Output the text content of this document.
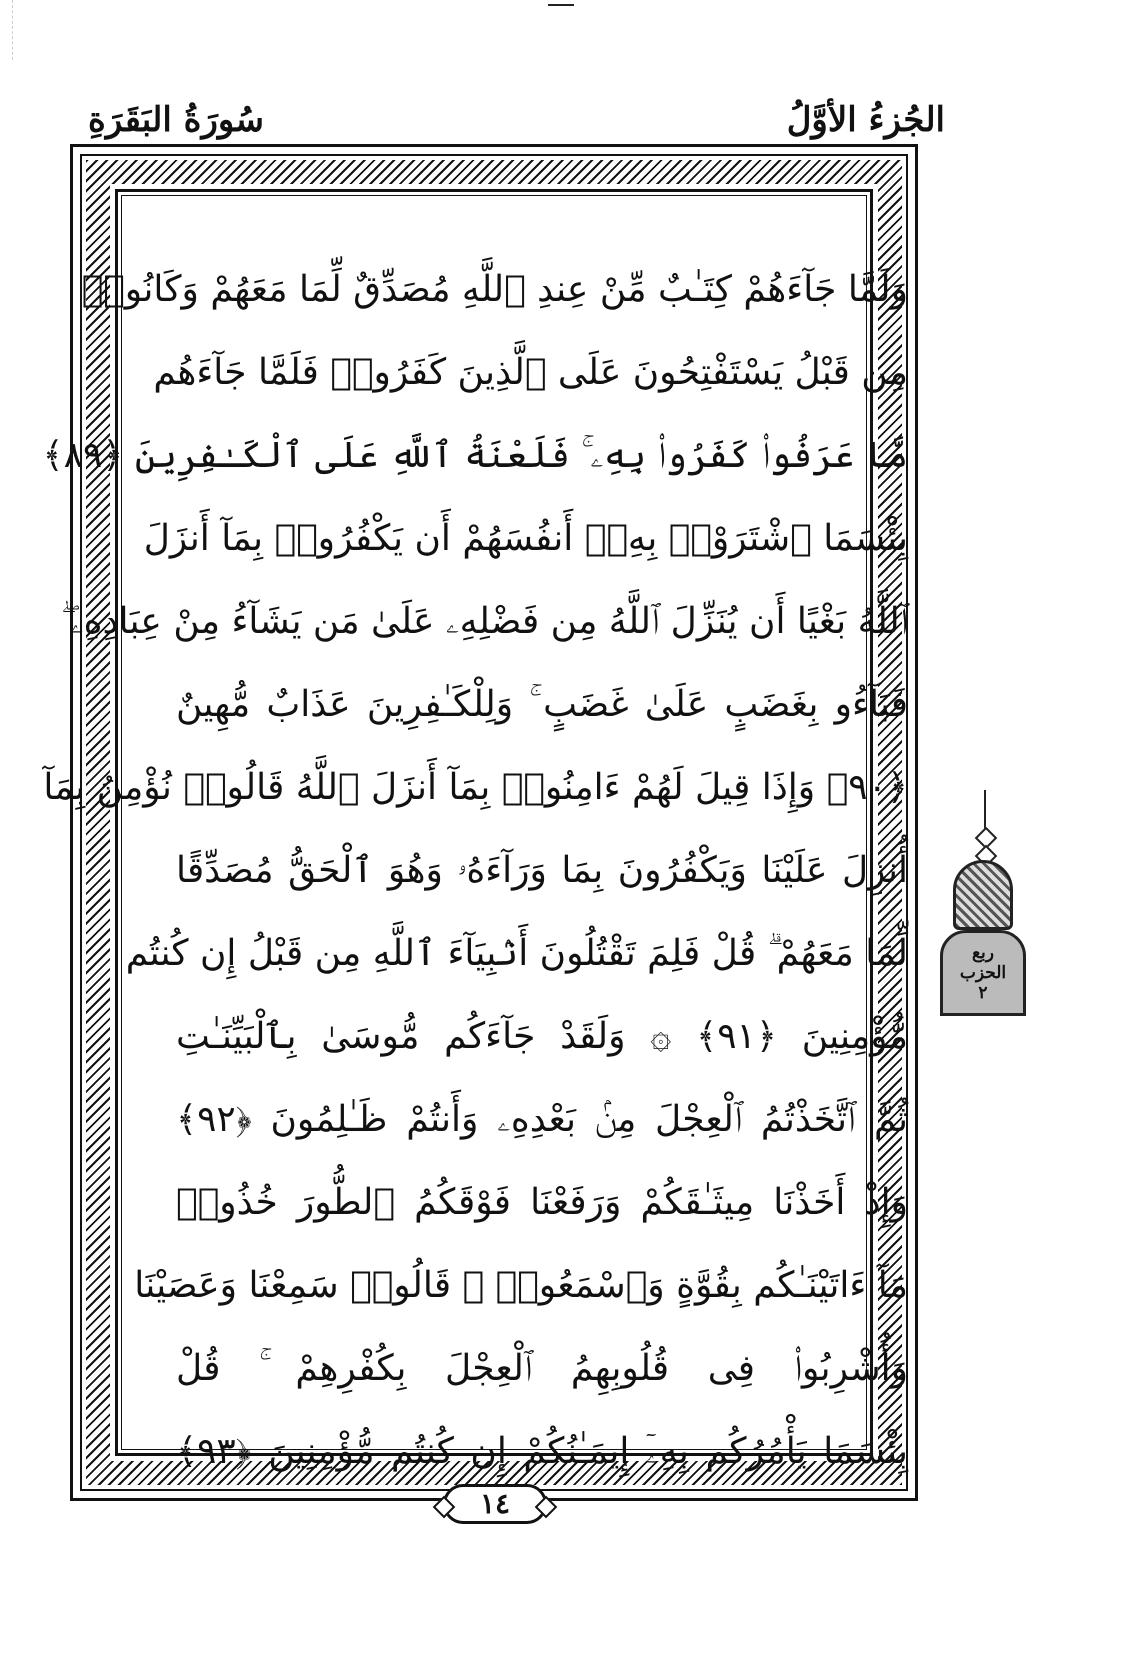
سُورَةُ البَقَرَةِ	الجُزءُ الأوَّلُ
وَلَمَّا جَآءَهُمْ كِتَـٰبٌ مِّنْ عِندِ ٱللَّهِ مُصَدِّقٌ لِّمَا مَعَهُمْ وَكَانُوا۟
مِن قَبْلُ يَسْتَفْتِحُونَ عَلَى ٱلَّذِينَ كَفَرُوا۟ فَلَمَّا جَآءَهُم
مَّا عَرَفُوا۟ كَفَرُوا۟ بِهِۦ ۚ فَلَعْنَةُ ٱللَّهِ عَلَى ٱلْكَـٰفِرِينَ ﴿٨٩﴾
بِئْسَمَا ٱشْتَرَوْا۟ بِهِۦٓ أَنفُسَهُمْ أَن يَكْفُرُوا۟ بِمَآ أَنزَلَ
ٱللَّهُ بَغْيًا أَن يُنَزِّلَ ٱللَّهُ مِن فَضْلِهِۦ عَلَىٰ مَن يَشَآءُ مِنْ عِبَادِهِۦ ۖ
فَبَآءُو بِغَضَبٍ عَلَىٰ غَضَبٍ ۚ وَلِلْكَـٰفِرِينَ عَذَابٌ مُّهِينٌ
﴿٩٠﴾ وَإِذَا قِيلَ لَهُمْ ءَامِنُوا۟ بِمَآ أَنزَلَ ٱللَّهُ قَالُوا۟ نُؤْمِنُ بِمَآ
أُنزِلَ عَلَيْنَا وَيَكْفُرُونَ بِمَا وَرَآءَهُۥ وَهُوَ ٱلْحَقُّ مُصَدِّقًا
لِّمَا مَعَهُمْ ۗ قُلْ فَلِمَ تَقْتُلُونَ أَنۢبِيَآءَ ٱللَّهِ مِن قَبْلُ إِن كُنتُم
مُّؤْمِنِينَ ﴿٩١﴾ ۞ وَلَقَدْ جَآءَكُم مُّوسَىٰ بِٱلْبَيِّنَـٰتِ
ثُمَّ ٱتَّخَذْتُمُ ٱلْعِجْلَ مِنۢ بَعْدِهِۦ وَأَنتُمْ ظَـٰلِمُونَ ﴿٩٢﴾
وَإِذْ أَخَذْنَا مِيثَـٰقَكُمْ وَرَفَعْنَا فَوْقَكُمُ ٱلطُّورَ خُذُوا۟
مَآ ءَاتَيْنَـٰكُم بِقُوَّةٍ وَٱسْمَعُوا۟ ۖ قَالُوا۟ سَمِعْنَا وَعَصَيْنَا
وَأُشْرِبُوا۟ فِى قُلُوبِهِمُ ٱلْعِجْلَ بِكُفْرِهِمْ ۚ قُلْ
بِئْسَمَا يَأْمُرُكُم بِهِۦٓ إِيمَـٰنُكُمْ إِن كُنتُم مُّؤْمِنِينَ ﴿٩٣﴾
١٤
ربع
الحزب
٢
